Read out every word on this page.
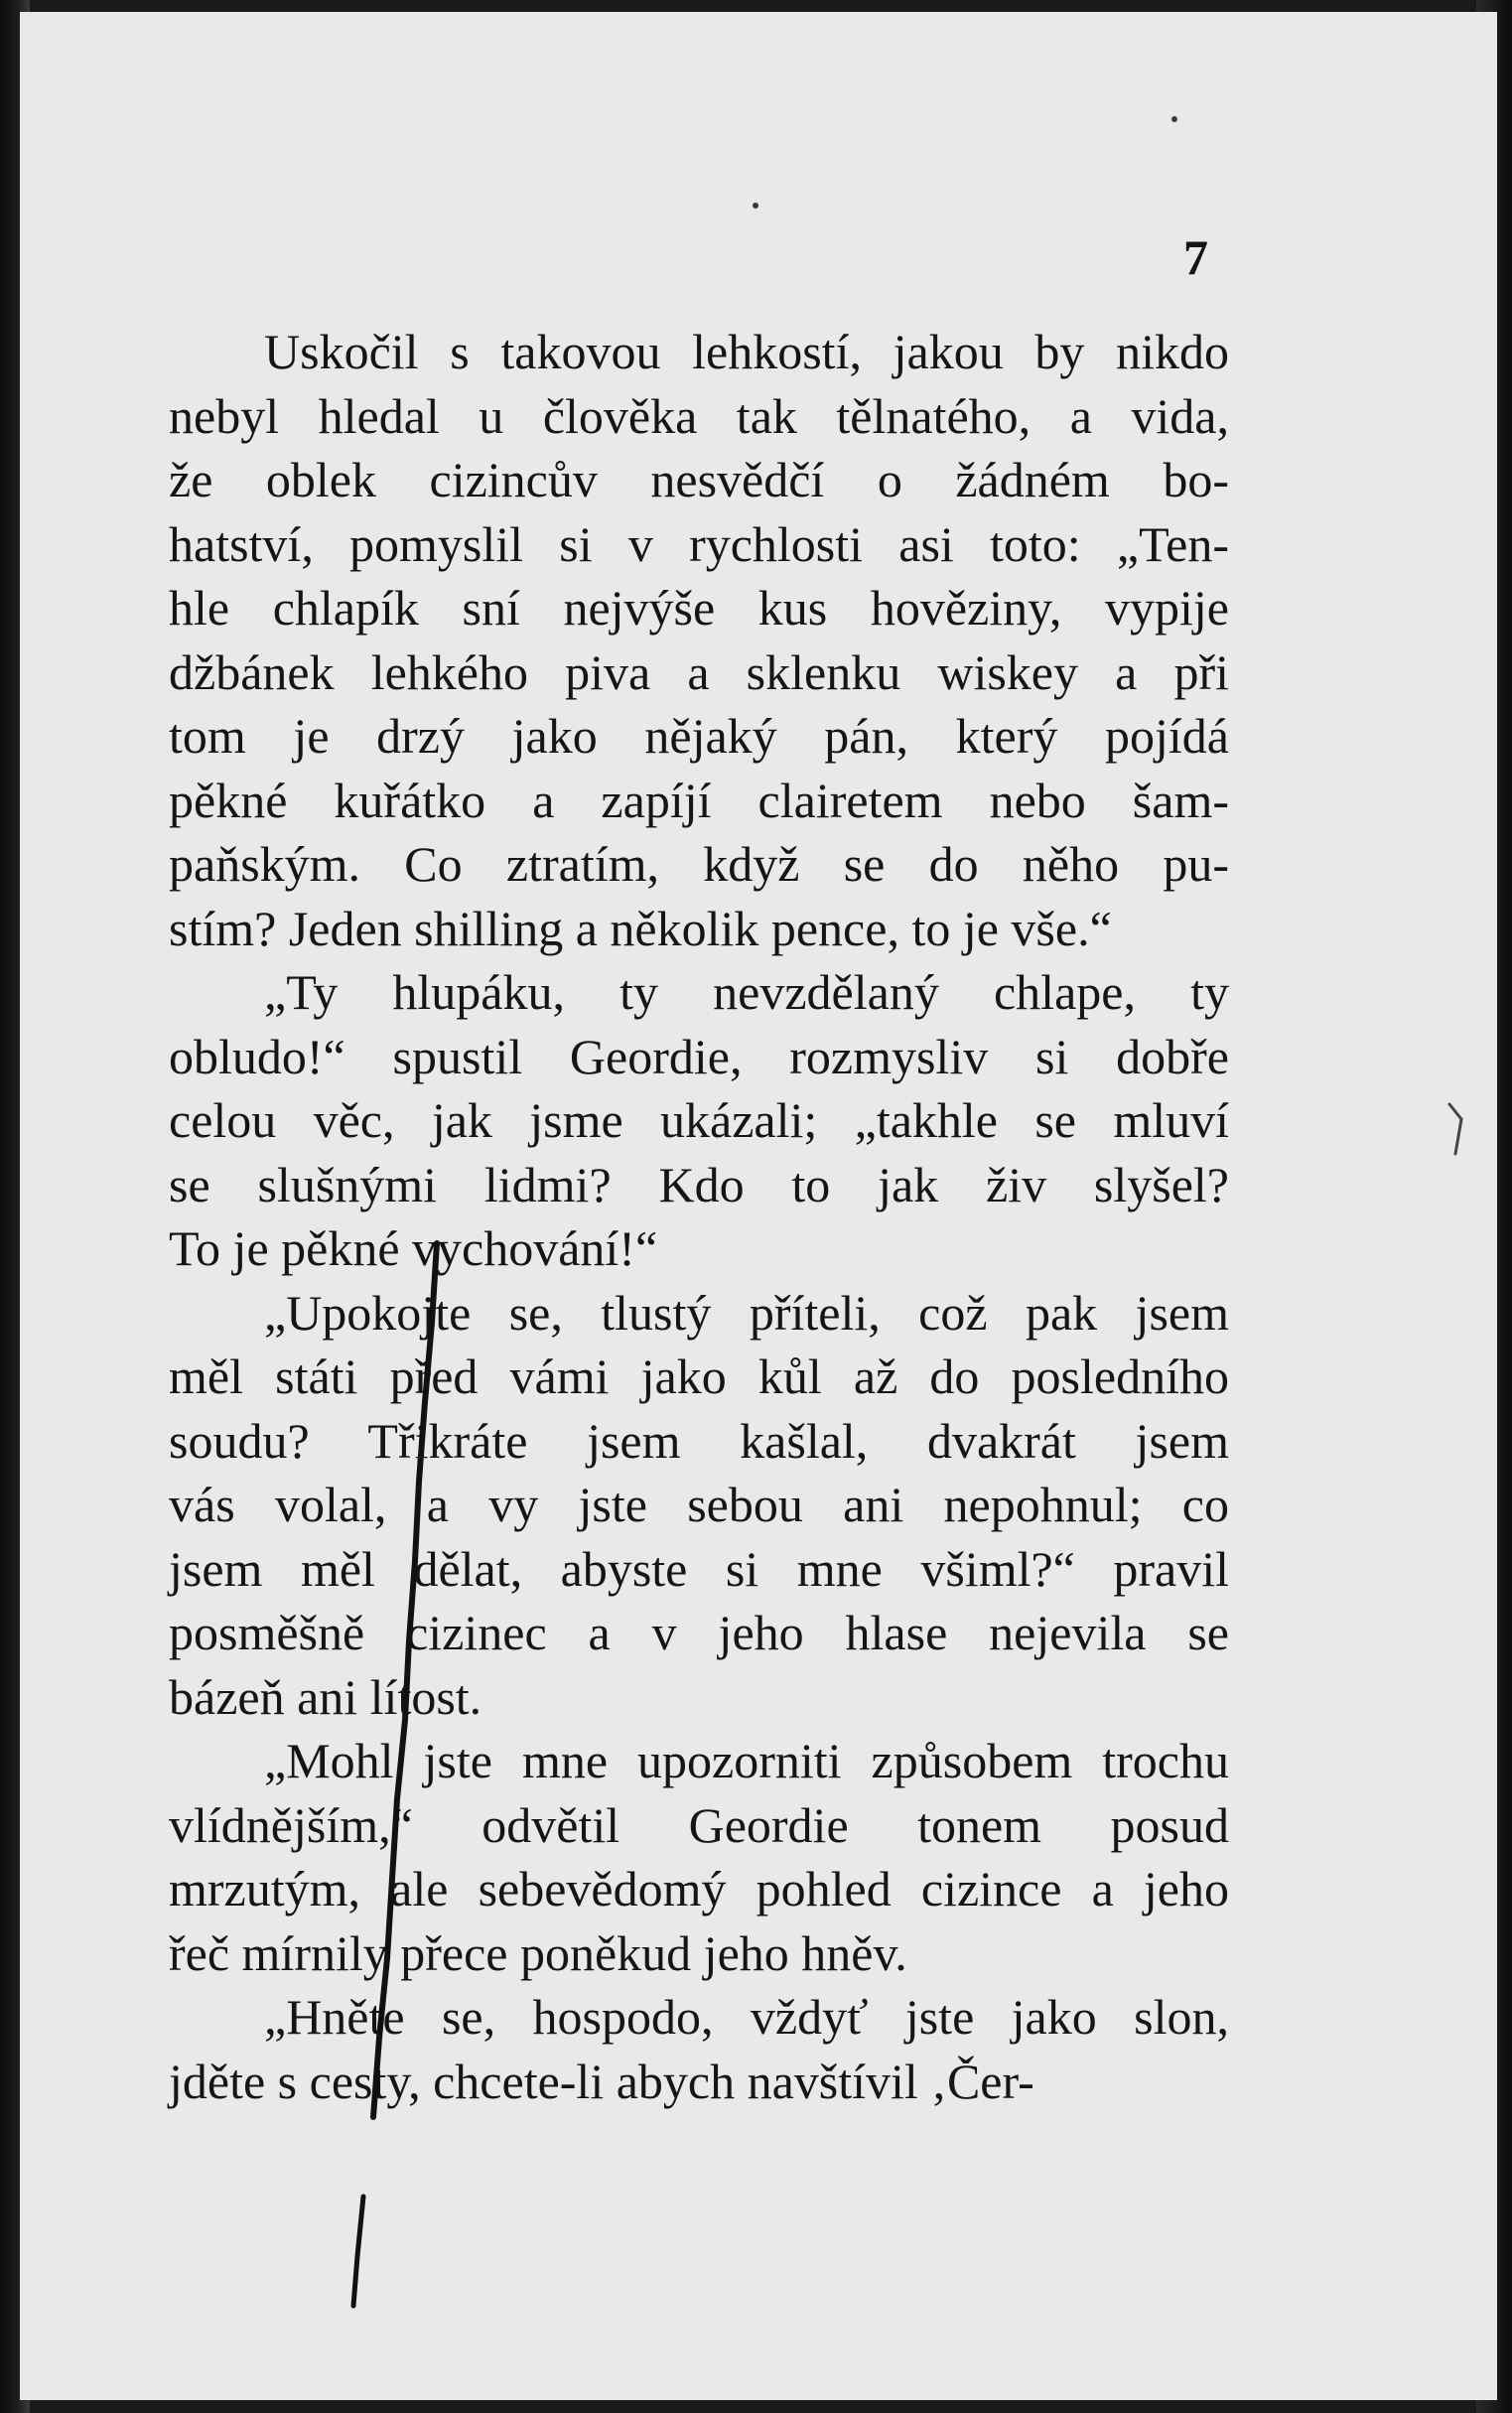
7
Uskočil s takovou lehkostí, jakou by nikdo
nebyl hledal u člověka tak tělnatého, a vida,
že oblek cizincův nesvědčí o žádném bo-
hatství, pomyslil si v rychlosti asi toto: „Ten-
hle chlapík sní nejvýše kus hověziny, vypije
džbánek lehkého piva a sklenku wiskey a při
tom je drzý jako nějaký pán, který pojídá
pěkné kuřátko a zapíjí clairetem nebo šam-
paňským. Co ztratím, když se do něho pu-
stím? Jeden shilling a několik pence, to je vše.“
„Ty hlupáku, ty nevzdělaný chlape, ty
obludo!“ spustil Geordie, rozmysliv si dobře
celou věc, jak jsme ukázali; „takhle se mluví
se slušnými lidmi? Kdo to jak živ slyšel?
To je pěkné vychování!“
„Upokojte se, tlustý příteli, což pak jsem
měl státi před vámi jako kůl až do posledního
soudu? Třikráte jsem kašlal, dvakrát jsem
vás volal, a vy jste sebou ani nepohnul; co
jsem měl dělat, abyste si mne všiml?“ pravil
posměšně cizinec a v jeho hlase nejevila se
bázeň ani lítost.
„Mohl jste mne upozorniti způsobem trochu
vlídnějším,“ odvětil Geordie tonem posud
mrzutým, ale sebevědomý pohled cizince a jeho
řeč mírnily přece poněkud jeho hněv.
„Hněte se, hospodo, vždyť jste jako slon,
jděte s cesty, chcete-li abych navštívil ‚Čer-
